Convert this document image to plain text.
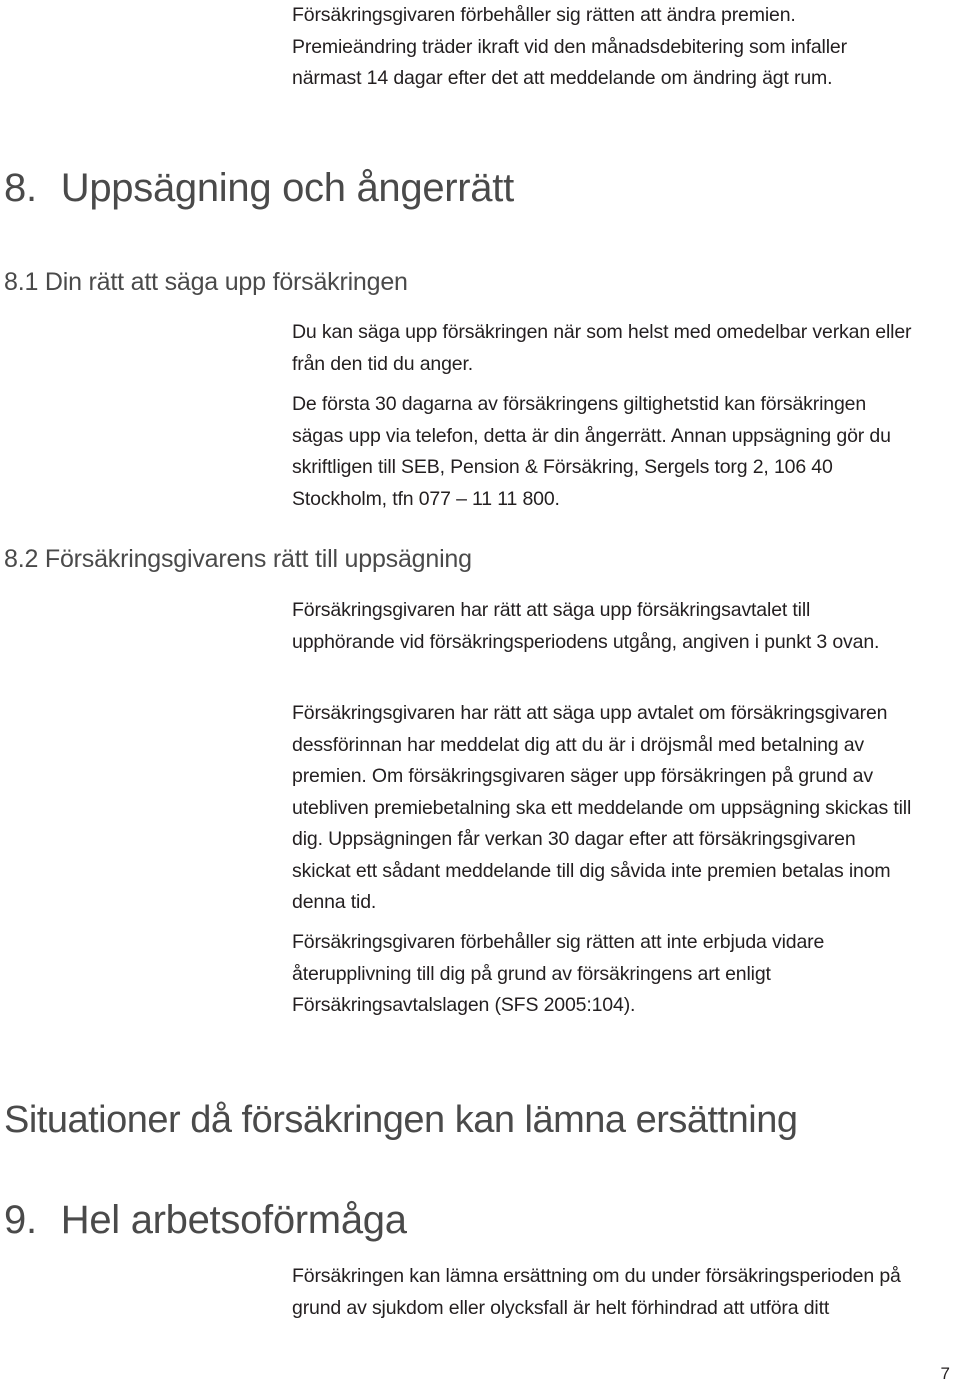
Försäkringsgivaren förbehåller sig rätten att ändra premien. Premieändring träder ikraft vid den månadsdebitering som infaller närmast 14 dagar efter det att meddelande om ändring ägt rum.

8. Uppsägning och ångerrätt
8.1 Din rätt att säga upp försäkringen

Du kan säga upp försäkringen när som helst med omedelbar verkan eller från den tid du anger.

De första 30 dagarna av försäkringens giltighetstid kan försäkringen sägas upp via telefon, detta är din ångerrätt. Annan uppsägning gör du skriftligen till SEB, Pension & Försäkring, Sergels torg 2, 106 40 Stockholm, tfn 077 – 11 11 800.

8.2 Försäkringsgivarens rätt till uppsägning

Försäkringsgivaren har rätt att säga upp försäkringsavtalet till upphörande vid försäkringsperiodens utgång, angiven i punkt 3 ovan.

Försäkringsgivaren har rätt att säga upp avtalet om försäkringsgivaren dessförinnan har meddelat dig att du är i dröjsmål med betalning av premien. Om försäkringsgivaren säger upp försäkringen på grund av utebliven premiebetalning ska ett meddelande om uppsägning skickas till dig. Uppsägningen får verkan 30 dagar efter att försäkringsgivaren skickat ett sådant meddelande till dig såvida inte premien betalas inom denna tid.

Försäkringsgivaren förbehåller sig rätten att inte erbjuda vidare återupplivning till dig på grund av försäkringens art enligt Försäkringsavtalslagen (SFS 2005:104).

Situationer då försäkringen kan lämna ersättning
9. Hel arbetsoförmåga

Försäkringen kan lämna ersättning om du under försäkringsperioden på grund av sjukdom eller olycksfall är helt förhindrad att utföra ditt

7
